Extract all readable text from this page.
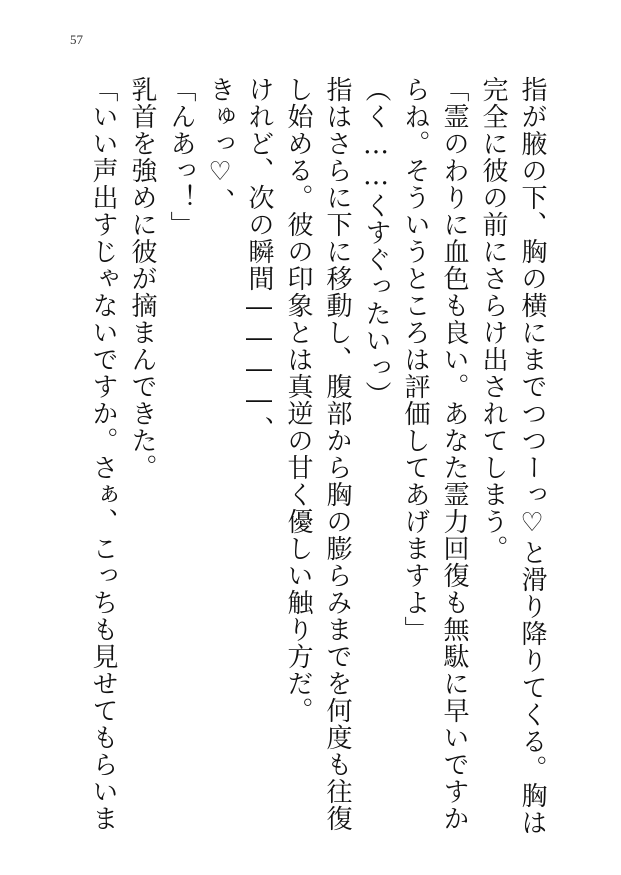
57
指が腋の下、胸の横にまでつつーっ♡と滑り降りてくる。胸は
完全に彼の前にさらけ出されてしまう。
「霊のわりに血色も良い。あなた霊力回復も無駄に早いですか
らね。そういうところは評価してあげますよ」
（く……くすぐったいっ）
指はさらに下に移動し、腹部から胸の膨らみまでを何度も往復
し始める。彼の印象とは真逆の甘く優しい触り方だ。
けれど、次の瞬間――――、
きゅっ♡、
「んあっ！」
乳首を強めに彼が摘まんできた。
「いい声出すじゃないですか。さぁ、こっちも見せてもらいま
